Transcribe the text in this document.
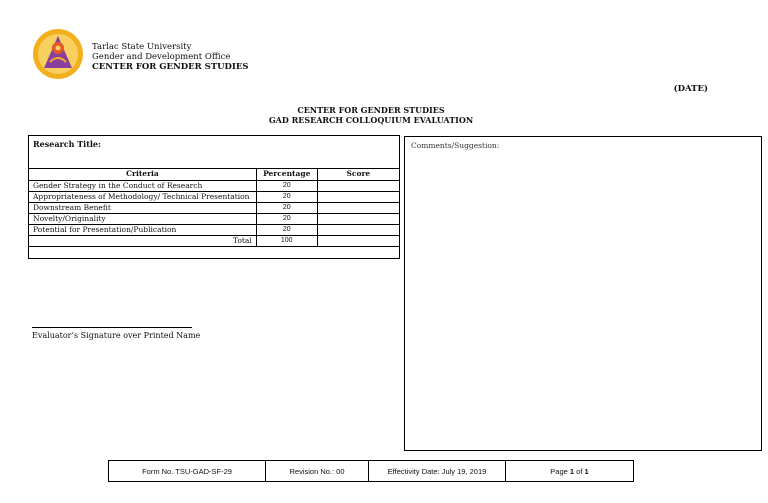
Tarlac State University
Gender and Development Office
CENTER FOR GENDER STUDIES
(DATE)
CENTER FOR GENDER STUDIES
GAD RESEARCH COLLOQUIUM EVALUATION
Research Title:
Criteria	Percentage	Score
Gender Strategy in the Conduct of Research	20	
Appropriateness of Methodology/ Technical Presentation	20	
Downstream Benefit	20	
Novelty/Originality	20	
Potential for Presentation/Publication	20	
Total	100	
Evaluator’s Signature over Printed Name
Comments/Suggestion:
Form No. TSU-GAD-SF-29	Revision No.: 00	Effectivity Date: July 19, 2019	Page 1 of 1
